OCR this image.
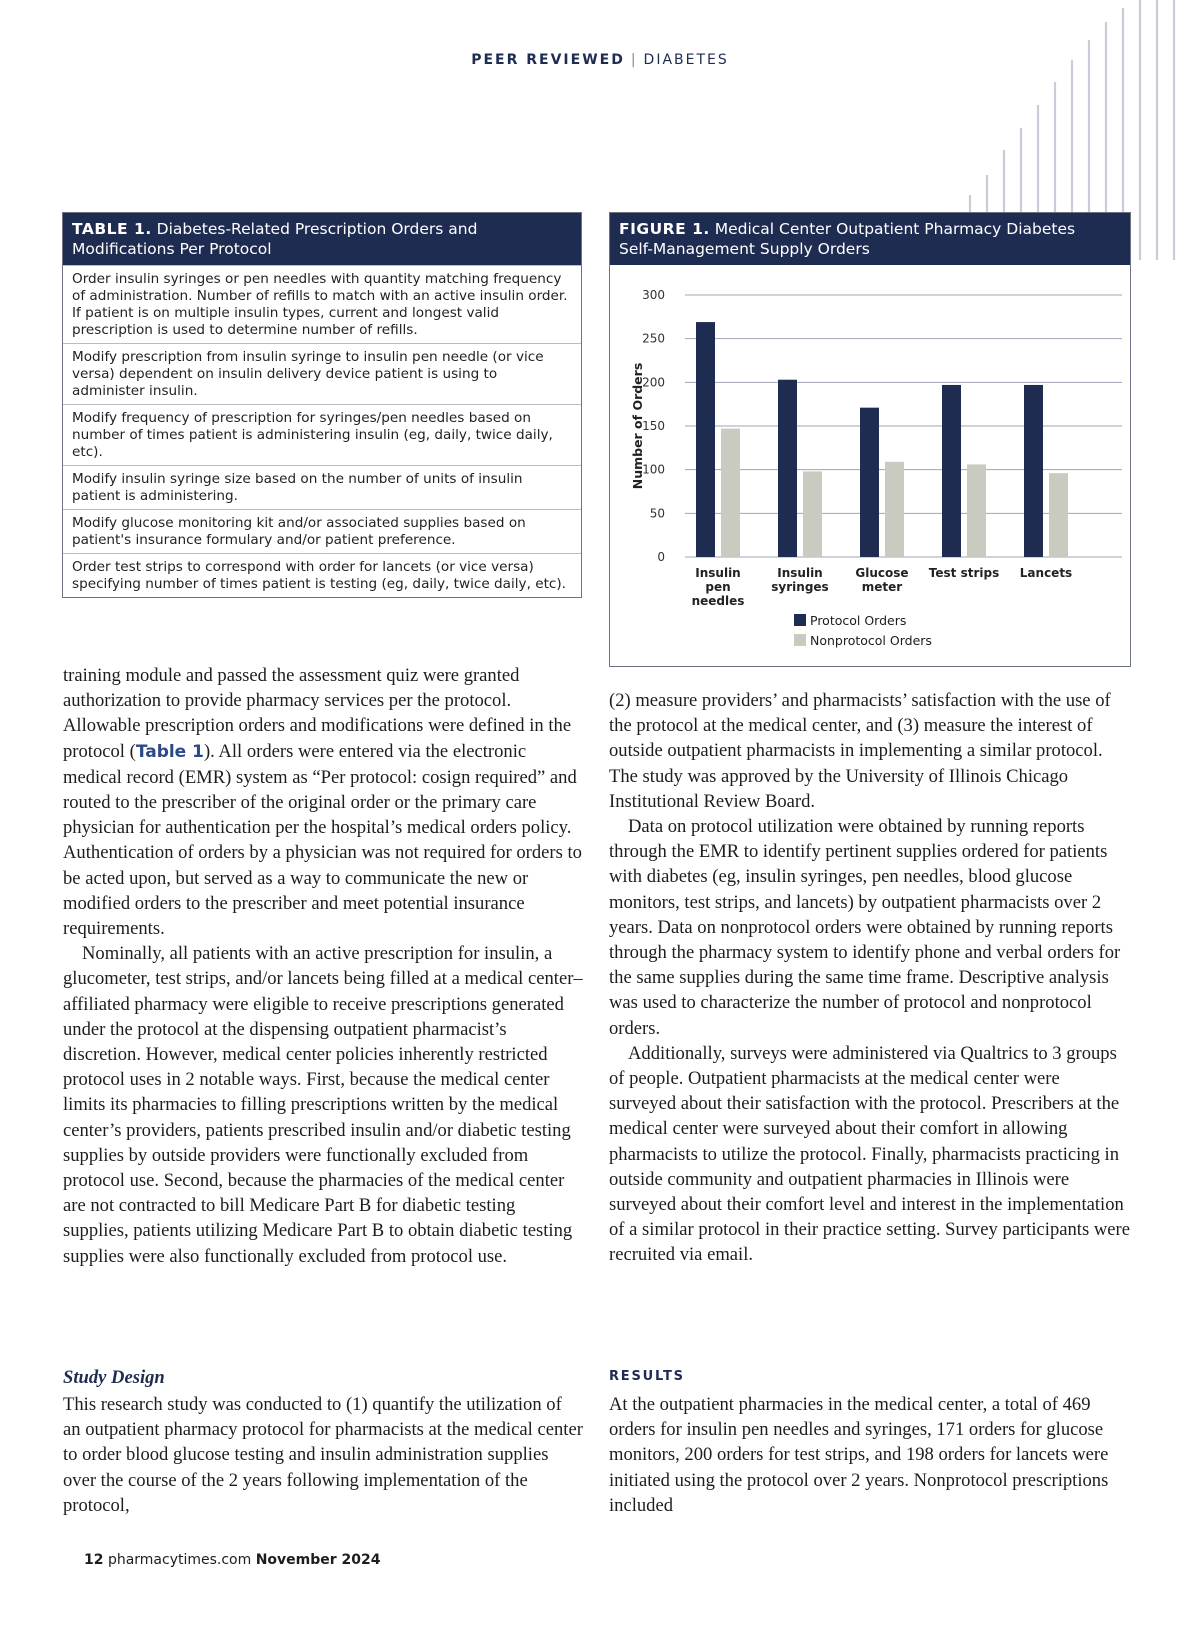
PEER REVIEWED | DIABETES
TABLE 1. Diabetes-Related Prescription Orders and
Modifications Per Protocol
Order insulin syringes or pen needles with quantity matching frequency of administration. Number of refills to match with an active insulin order. If patient is on multiple insulin types, current and longest valid prescription is used to determine number of refills.
Modify prescription from insulin syringe to insulin pen needle (or vice versa) dependent on insulin delivery device patient is using to administer insulin.
Modify frequency of prescription for syringes/pen needles based on number of times patient is administering insulin (eg, daily, twice daily, etc).
Modify insulin syringe size based on the number of units of insulin patient is administering.
Modify glucose monitoring kit and/or associated supplies based on patient's insurance formulary and/or patient preference.
Order test strips to correspond with order for lancets (or vice versa) specifying number of times patient is testing (eg, daily, twice daily, etc).
FIGURE 1. Medical Center Outpatient Pharmacy Diabetes
Self-Management Supply Orders
0
50
100
150
200
250
300
Number of Orders
Insulin
pen
needles
Insulin
syringes
Glucose
meter
Test strips Lancets
Protocol Orders
Nonprotocol Orders

training module and passed the assessment quiz were granted authorization to provide pharmacy services per the protocol. Allowable prescription orders and modifications were defined in the protocol (Table 1). All orders were entered via the electronic medical record (EMR) system as “Per protocol: cosign required” and routed to the prescriber of the original order or the primary care physician for authentication per the hospital’s medical orders policy. Authentication of orders by a physician was not required for orders to be acted upon, but served as a way to communicate the new or modified orders to the prescriber and meet potential insurance requirements.

Nominally, all patients with an active prescription for insulin, a glucometer, test strips, and/or lancets being filled at a medical center–affiliated pharmacy were eligible to receive prescriptions generated under the protocol at the dispensing outpatient pharmacist’s discretion. However, medical center policies inherently restricted protocol uses in 2 notable ways. First, because the medical center limits its pharmacies to filling prescriptions written by the medical center’s providers, patients prescribed insulin and/or diabetic testing supplies by outside providers were functionally excluded from protocol use. Second, because the pharmacies of the medical center are not contracted to bill Medicare Part B for diabetic testing supplies, patients utilizing Medicare Part B to obtain diabetic testing supplies were also functionally excluded from protocol use.

Study Design
This research study was conducted to (1) quantify the utilization of an outpatient pharmacy protocol for pharmacists at the medical center to order blood glucose testing and insulin administration supplies over the course of the 2 years following implementation of the protocol,

(2) measure providers’ and pharmacists’ satisfaction with the use of the protocol at the medical center, and (3) measure the interest of outside outpatient pharmacists in implementing a similar protocol. The study was approved by the University of Illinois Chicago Institutional Review Board.

Data on protocol utilization were obtained by running reports through the EMR to identify pertinent supplies ordered for patients with diabetes (eg, insulin syringes, pen needles, blood glucose monitors, test strips, and lancets) by outpatient pharmacists over 2 years. Data on nonprotocol orders were obtained by running reports through the pharmacy system to identify phone and verbal orders for the same supplies during the same time frame. Descriptive analysis was used to characterize the number of protocol and nonprotocol orders.

Additionally, surveys were administered via Qualtrics to 3 groups of people. Outpatient pharmacists at the medical center were surveyed about their satisfaction with the protocol. Prescribers at the medical center were surveyed about their comfort in allowing pharmacists to utilize the protocol. Finally, pharmacists practicing in outside community and outpatient pharmacies in Illinois were surveyed about their comfort level and interest in the implementation of a similar protocol in their practice setting. Survey participants were recruited via email.

RESULTS
At the outpatient pharmacies in the medical center, a total of 469 orders for insulin pen needles and syringes, 171 orders for glucose monitors, 200 orders for test strips, and 198 orders for lancets were initiated using the protocol over 2 years. Nonprotocol prescriptions included
12 pharmacytimes.com November 2024
